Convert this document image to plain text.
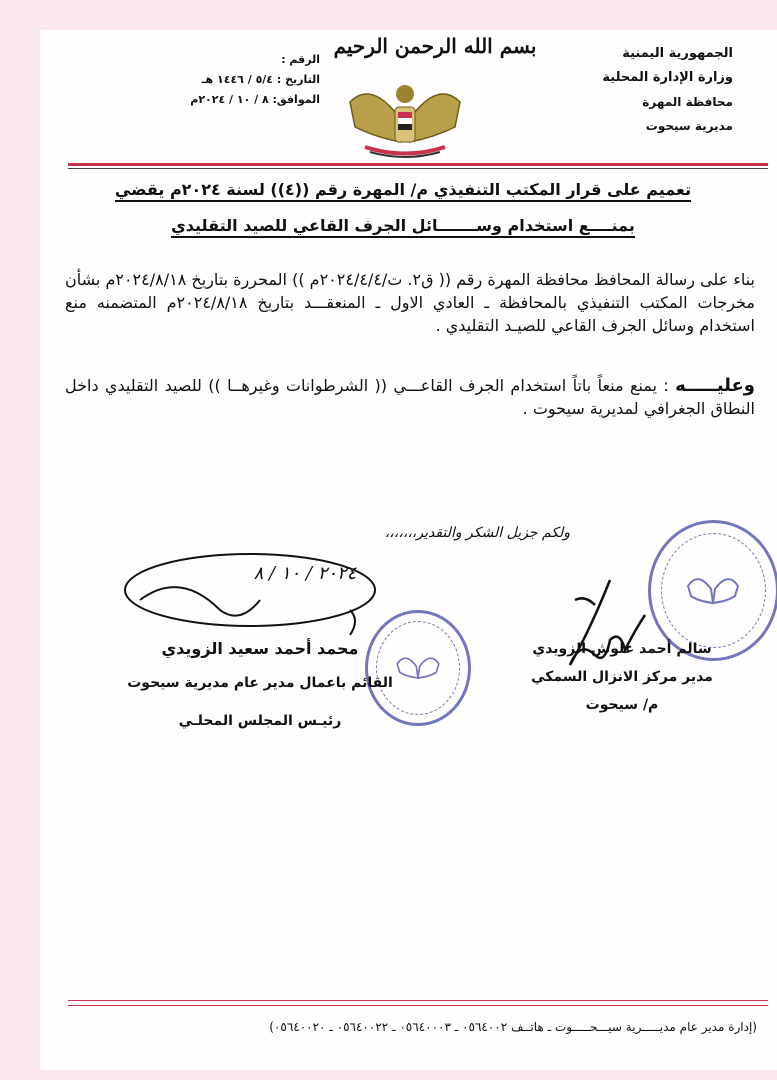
الجمهورية اليمنية
وزارة الإدارة المحلية
محافظة المهرة
مديرية سيحوت
بسم الله الرحمن الرحيم
الرقم :
التاريخ : ٥/٤ / ١٤٤٦ هـ
الموافق: ٨ / ١٠ / ٢٠٢٤م
تعميم على قرار المكتب التنفيذي م/ المهرة رقم ((٤)) لسنة ٢٠٢٤م يقضي
بمنــــع استخدام وســـــــائل الجرف القاعي للصيد التقليدي
بناء على رسالة المحافظ محافظة المهرة رقم (( ق٢. ت/٢٠٢٤/٤/٤م )) المحررة بتاريخ ٢٠٢٤/٨/١٨م بشأن مخرجات المكتب التنفيذي بالمحافظة ـ العادي الاول ـ المنعقـــد بتاريخ ٢٠٢٤/٨/١٨م المتضمنه منع استخدام وسائل الجرف القاعي للصيـد التقليدي .
وعليـــــه : يمنع منعاً باتاً استخدام الجرف القاعـــي (( الشرطوانات وغيرهــا )) للصيد التقليدي داخل النطاق الجغرافي لمديرية سيحوت .
ولكم جزيل الشكر والتقدير،،،،،،،
٢٠٢٤ / ١٠ / ٨
سالم أحمد علوش الزويدي
مدير مركز الانزال السمكي
م/ سيحوت
محمد أحمد سعيد الزويدي
القائم باعمال مدير عام مديرية سيحوت
رئيـس المجلس المحلـي
(إدارة مدير عام مديـــــرية سيـــحـــــوت ـ هاتــف ٠٥٦٤٠٠٢ ـ ٠٥٦٤٠٠٠٣ ـ ٠٥٦٤٠٠٢٢ ـ ٠٥٦٤٠٠٢٠)
